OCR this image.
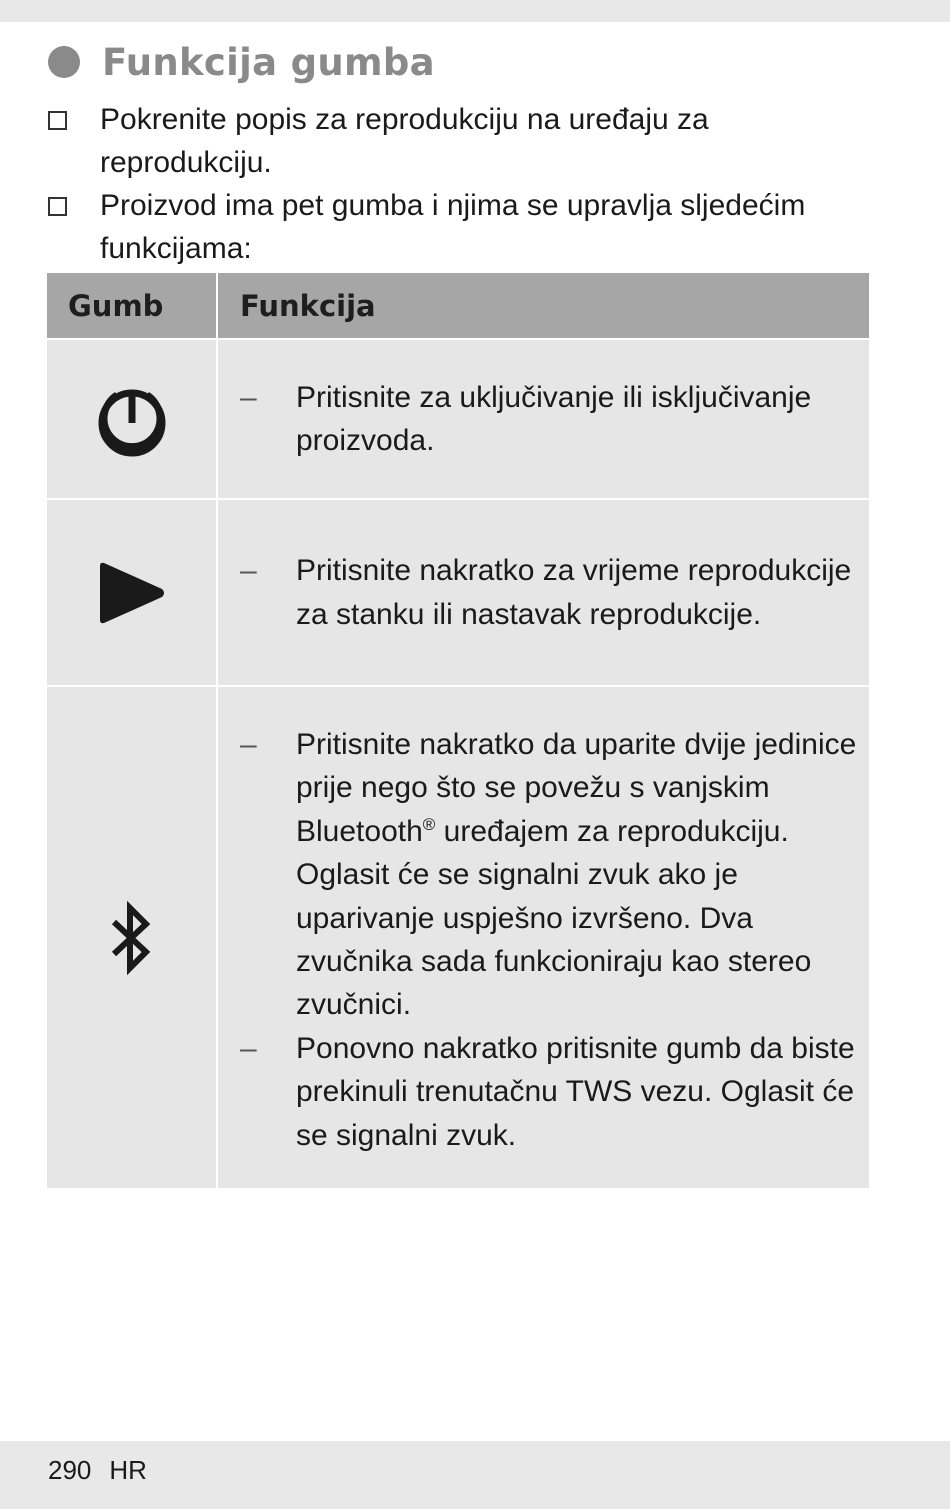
Funkcija gumba
Pokrenite popis za reprodukciju na uređaju za reprodukciju.
Proizvod ima pet gumba i njima se upravlja sljedećim funkcijama:
Gumb	Funkcija
–	Pritisnite za uključivanje ili isključivanje proizvoda.
–	Pritisnite nakratko za vrijeme reprodukcije za stanku ili nastavak reprodukcije.
–	Pritisnite nakratko da uparite dvije jedinice prije nego što se povežu s vanjskim Bluetooth® uređajem za reprodukciju. Oglasit će se signalni zvuk ako je uparivanje uspješno izvršeno. Dva zvučnika sada funkcioniraju kao stereo zvučnici.
–	Ponovno nakratko pritisnite gumb da biste prekinuli trenutačnu TWS vezu. Oglasit će se signalni zvuk.
290 HR
